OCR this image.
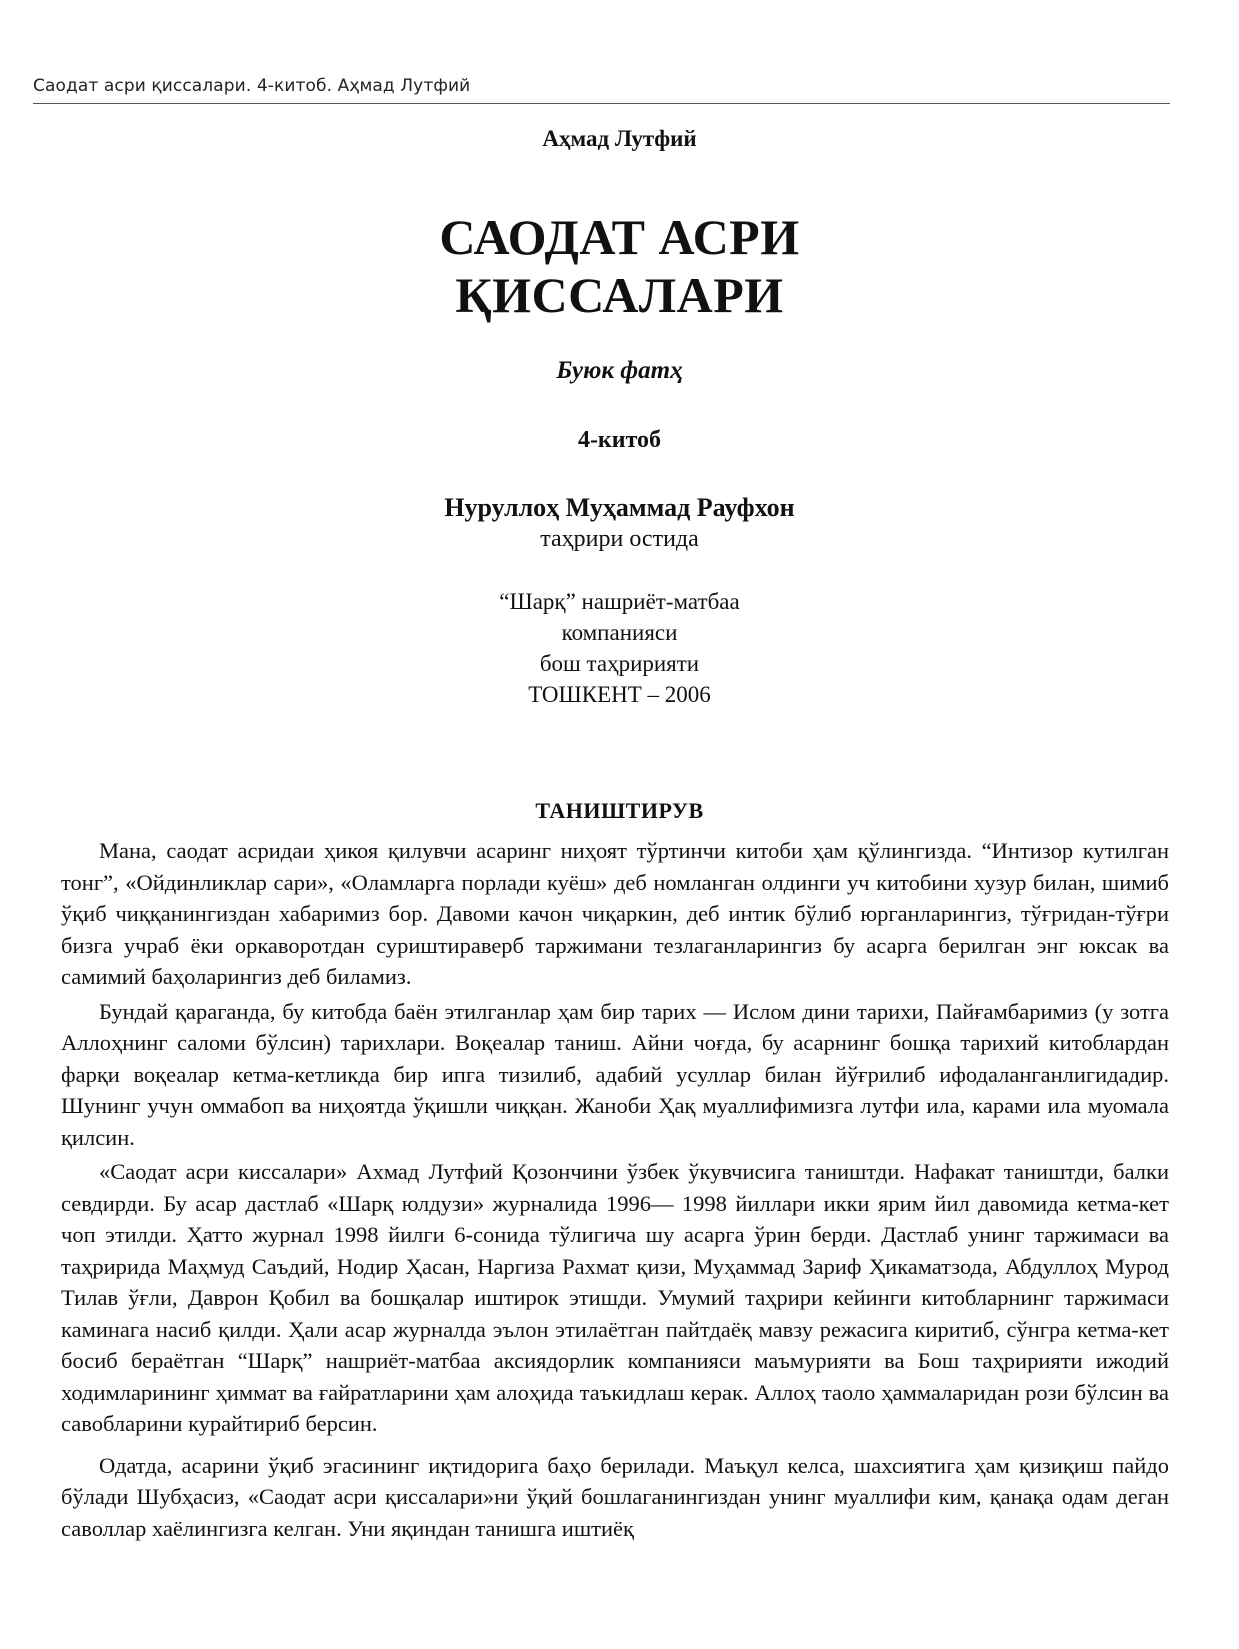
Саодат асри қиссалари. 4-китоб. Аҳмад Лутфий
Аҳмад Лутфий
САОДАТ АСРИ
ҚИССАЛАРИ
Буюк фатҳ
4-китоб
Нуруллоҳ Муҳаммад Рауфхон
таҳрири остида
“Шарқ” нашриёт-матбаа
компанияси
бош таҳририяти
ТОШКЕНТ – 2006
ТАНИШТИРУВ

Мана, саодат асридаи ҳикоя қилувчи асаринг ниҳоят тўртинчи китоби ҳам қўлингизда. “Интизор кутилган тонг”, «Ойдинликлар сари», «Оламларга порлади куёш» деб номланган олдинги уч китобини хузур билан, шимиб ўқиб чиққанингиздан хабаримиз бор. Давоми качон чиқаркин, деб интик бўлиб юрганларингиз, тўғридан-тўғри бизга учраб ёки оркаворотдан суриштираверб таржимани тезлаганларингиз бу асарга берилган энг юксак ва самимий баҳоларингиз деб биламиз.

Бундай қараганда, бу китобда баён этилганлар ҳам бир тарих — Ислом дини тарихи, Пайғамбаримиз (у зотга Аллоҳнинг саломи бўлсин) тарихлари. Воқеалар таниш. Айни чоғда, бу асарнинг бошқа тарихий китоблардан фарқи воқеалар кетма-кетликда бир ипга тизилиб, адабий усуллар билан йўғрилиб ифодаланганлигидадир. Шунинг учун оммабоп ва ниҳоятда ўқишли чиққан. Жаноби Ҳақ муаллифимизга лутфи ила, карами ила муомала қилсин.

«Саодат асри киссалари» Ахмад Лутфий Қозончини ўзбек ўкувчисига таништди. Нафакат таништди, балки севдирди. Бу асар дастлаб «Шарқ юлдузи» журналида 1996— 1998 йиллари икки ярим йил давомида кетма-кет чоп этилди. Ҳатто журнал 1998 йилги 6-сонида тўлигича шу асарга ўрин берди. Дастлаб унинг таржимаси ва таҳририда Маҳмуд Саъдий, Нодир Ҳасан, Наргиза Рахмат қизи, Муҳаммад Зариф Ҳикаматзода, Абдуллоҳ Мурод Тилав ўғли, Даврон Қобил ва бошқалар иштирок этишди. Умумий таҳрири кейинги китобларнинг таржимаси каминага насиб қилди. Ҳали асар журналда эълон этилаётган пайтдаёқ мавзу режасига киритиб, сўнгра кетма-кет босиб бераётган “Шарқ” нашриёт-матбаа аксиядорлик компанияси маъмурияти ва Бош таҳририяти ижодий ходимларининг ҳиммат ва ғайратларини ҳам алоҳида таъкидлаш керак. Аллоҳ таоло ҳаммаларидан рози бўлсин ва савобларини куpайтириб берсин.

Одатда, асарини ўқиб эгасининг иқтидорига баҳо берилади. Маъқул келса, шахсиятига ҳам қизиқиш пайдо бўлади Шубҳасиз, «Саодат асри қиссалари»ни ўқий бошлаганингиздан унинг муаллифи ким, қанақа одам деган саволлар хаёлингизга келган. Уни яқиндан танишга иштиёқ
